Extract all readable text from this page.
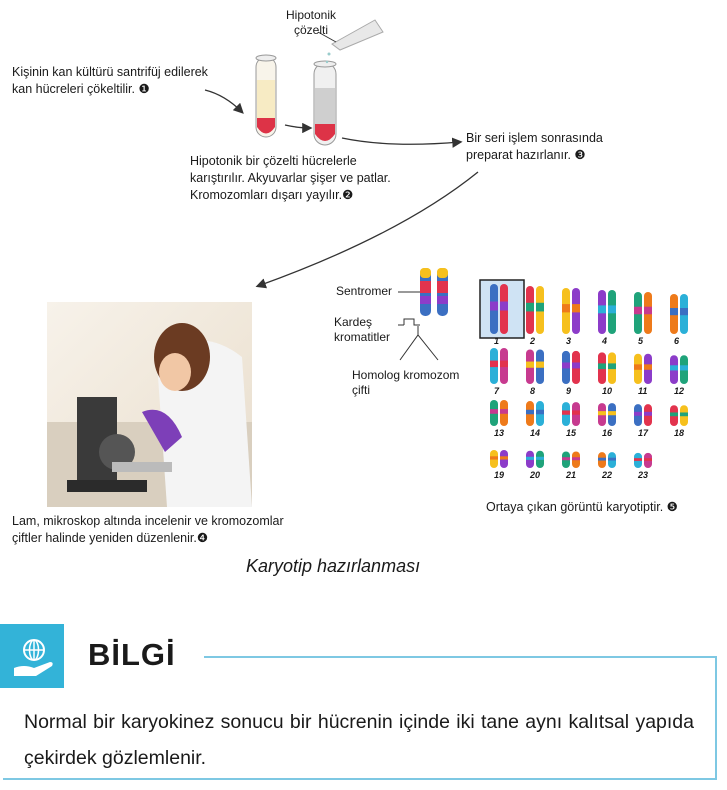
Kişinin kan kültürü santrifüj edilerek kan hücreleri çökeltilir. ❶
Hipotonik çözelti
Hipotonik bir çözelti hücrelerle karıştırılır. Akyuvarlar şişer ve patlar. Kromozomları dışarı yayılır.❷
Bir seri işlem sonrasında preparat hazırlanır. ❸
Sentromer
Kardeş kromatitler
Homolog kromozom çifti
1	2	3	4	5	6
7	8	9	10	11	12
13	14	15	16	17	18
19	20	21	22	23
Ortaya çıkan görüntü karyotiptir. ❺
Lam, mikroskop altında incelenir ve kromozomlar çiftler halinde yeniden düzenlenir.❹
Karyotip hazırlanması
BİLGİ
Normal bir karyokinez sonucu bir hücrenin içinde iki tane aynı kalıtsal yapıda çekirdek gözlemlenir.
